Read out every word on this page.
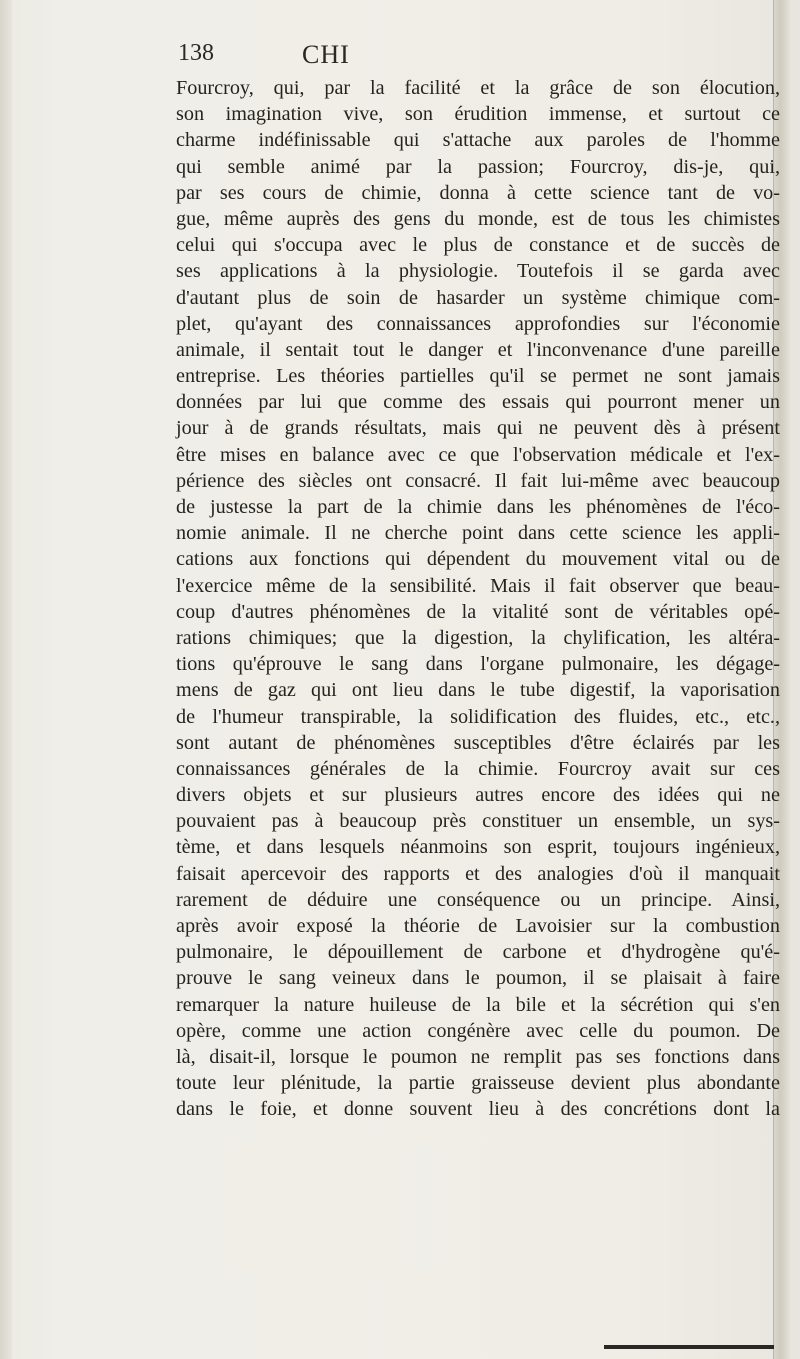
138	CHI
Fourcroy, qui, par la facilité et la grâce de son élocution,
son imagination vive, son érudition immense, et surtout ce
charme indéfinissable qui s'attache aux paroles de l'homme
qui semble animé par la passion; Fourcroy, dis-je, qui,
par ses cours de chimie, donna à cette science tant de vo-
gue, même auprès des gens du monde, est de tous les chimistes
celui qui s'occupa avec le plus de constance et de succès de
ses applications à la physiologie. Toutefois il se garda avec
d'autant plus de soin de hasarder un système chimique com-
plet, qu'ayant des connaissances approfondies sur l'économie
animale, il sentait tout le danger et l'inconvenance d'une pareille
entreprise. Les théories partielles qu'il se permet ne sont jamais
données par lui que comme des essais qui pourront mener un
jour à de grands résultats, mais qui ne peuvent dès à présent
être mises en balance avec ce que l'observation médicale et l'ex-
périence des siècles ont consacré. Il fait lui-même avec beaucoup
de justesse la part de la chimie dans les phénomènes de l'éco-
nomie animale. Il ne cherche point dans cette science les appli-
cations aux fonctions qui dépendent du mouvement vital ou de
l'exercice même de la sensibilité. Mais il fait observer que beau-
coup d'autres phénomènes de la vitalité sont de véritables opé-
rations chimiques; que la digestion, la chylification, les altéra-
tions qu'éprouve le sang dans l'organe pulmonaire, les dégage-
mens de gaz qui ont lieu dans le tube digestif, la vaporisation
de l'humeur transpirable, la solidification des fluides, etc., etc.,
sont autant de phénomènes susceptibles d'être éclairés par les
connaissances générales de la chimie. Fourcroy avait sur ces
divers objets et sur plusieurs autres encore des idées qui ne
pouvaient pas à beaucoup près constituer un ensemble, un sys-
tème, et dans lesquels néanmoins son esprit, toujours ingénieux,
faisait apercevoir des rapports et des analogies d'où il manquait
rarement de déduire une conséquence ou un principe. Ainsi,
après avoir exposé la théorie de Lavoisier sur la combustion
pulmonaire, le dépouillement de carbone et d'hydrogène qu'é-
prouve le sang veineux dans le poumon, il se plaisait à faire
remarquer la nature huileuse de la bile et la sécrétion qui s'en
opère, comme une action congénère avec celle du poumon. De
là, disait-il, lorsque le poumon ne remplit pas ses fonctions dans
toute leur plénitude, la partie graisseuse devient plus abondante
dans le foie, et donne souvent lieu à des concrétions dont la
